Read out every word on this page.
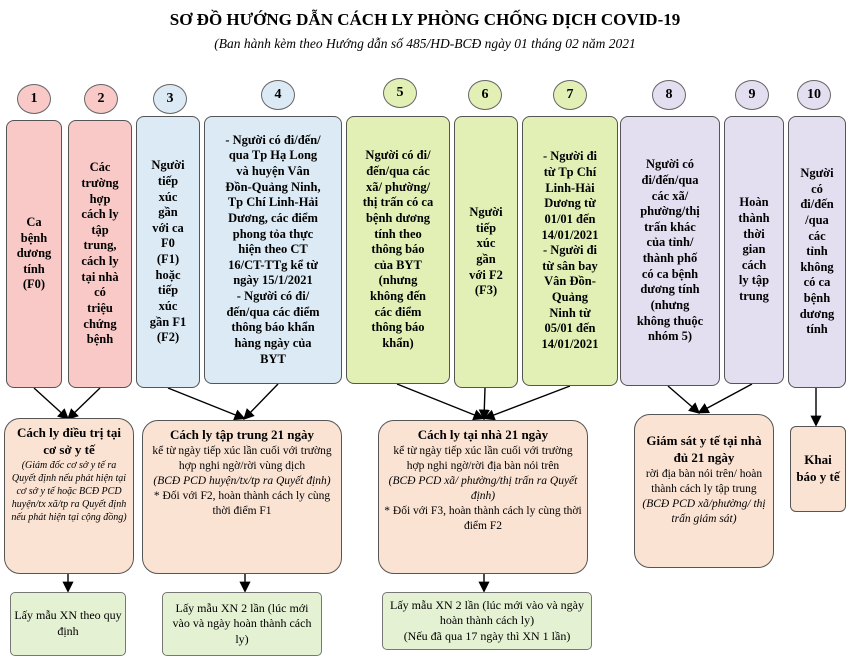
SƠ ĐỒ HƯỚNG DẪN CÁCH LY PHÒNG CHỐNG DỊCH COVID-19
(Ban hành kèm theo Hướng dẫn số 485/HD-BCĐ ngày 01 tháng 02 năm 2021
1	2	3	4	5	6	7	8	9	10
Ca
bệnh
dương
tính
(F0)
Các
trường
hợp
cách ly
tập
trung,
cách ly
tại nhà
có
triệu
chứng
bệnh
Người
tiếp
xúc
gần
với ca
F0
(F1)
hoặc
tiếp
xúc
gần F1
(F2)
- Người có đi/đến/
qua Tp Hạ Long
và huyện Vân
Đồn-Quảng Ninh,
Tp Chí Linh-Hải
Dương, các điểm
phong tỏa thực
hiện theo CT
16/CT-TTg kể từ
ngày 15/1/2021
- Người có đi/
đến/qua các điểm
thông báo khẩn
hàng ngày của
BYT
Người có đi/
đến/qua các
xã/ phường/
thị trấn có ca
bệnh dương
tính theo
thông báo
của BYT
(nhưng
không đến
các điểm
thông báo
khẩn)
Người
tiếp
xúc
gần
với F2
(F3)
- Người đi
từ Tp Chí
Linh-Hải
Dương từ
01/01 đến
14/01/2021
- Người đi
từ sân bay
Vân Đồn-
Quảng
Ninh từ
05/01 đến
14/01/2021
Người có
đi/đến/qua
các xã/
phường/thị
trấn khác
của tỉnh/
thành phố
có ca bệnh
dương tính
(nhưng
không thuộc
nhóm 5)
Hoàn
thành
thời
gian
cách
ly tập
trung
Người
có
đi/đến
/qua
các
tỉnh
không
có ca
bệnh
dương
tính
Cách ly điều trị tại cơ sở y tế
(Giám đốc cơ sở y tế ra Quyết định nếu phát hiện tại cơ sở y tế hoặc BCĐ PCD huyện/tx xã/tp ra Quyết định nếu phát hiện tại cộng đồng)
Cách ly tập trung 21 ngày
kể từ ngày tiếp xúc lần cuối với trường hợp nghi ngờ/rời vùng dịch
(BCĐ PCD huyện/tx/tp ra Quyết định)
* Đối với F2, hoàn thành cách ly cùng thời điểm F1
Cách ly tại nhà 21 ngày
kể từ ngày tiếp xúc lần cuối với trường hợp nghi ngờ/rời địa bàn nói trên
(BCĐ PCD xã/ phường/thị trấn ra Quyết định)
* Đối với F3, hoàn thành cách ly cùng thời điểm F2
Giám sát y tế tại nhà đủ 21 ngày
rời địa bàn nói trên/ hoàn thành cách ly tập trung
(BCĐ PCD xã/phường/ thị trấn giám sát)
Khai báo y tế
Lấy mẫu XN theo quy định
Lấy mẫu XN 2 lần (lúc mới vào và ngày hoàn thành cách ly)
Lấy mẫu XN 2 lần (lúc mới vào và ngày hoàn thành cách ly)
(Nếu đã qua 17 ngày thì XN 1 lần)
